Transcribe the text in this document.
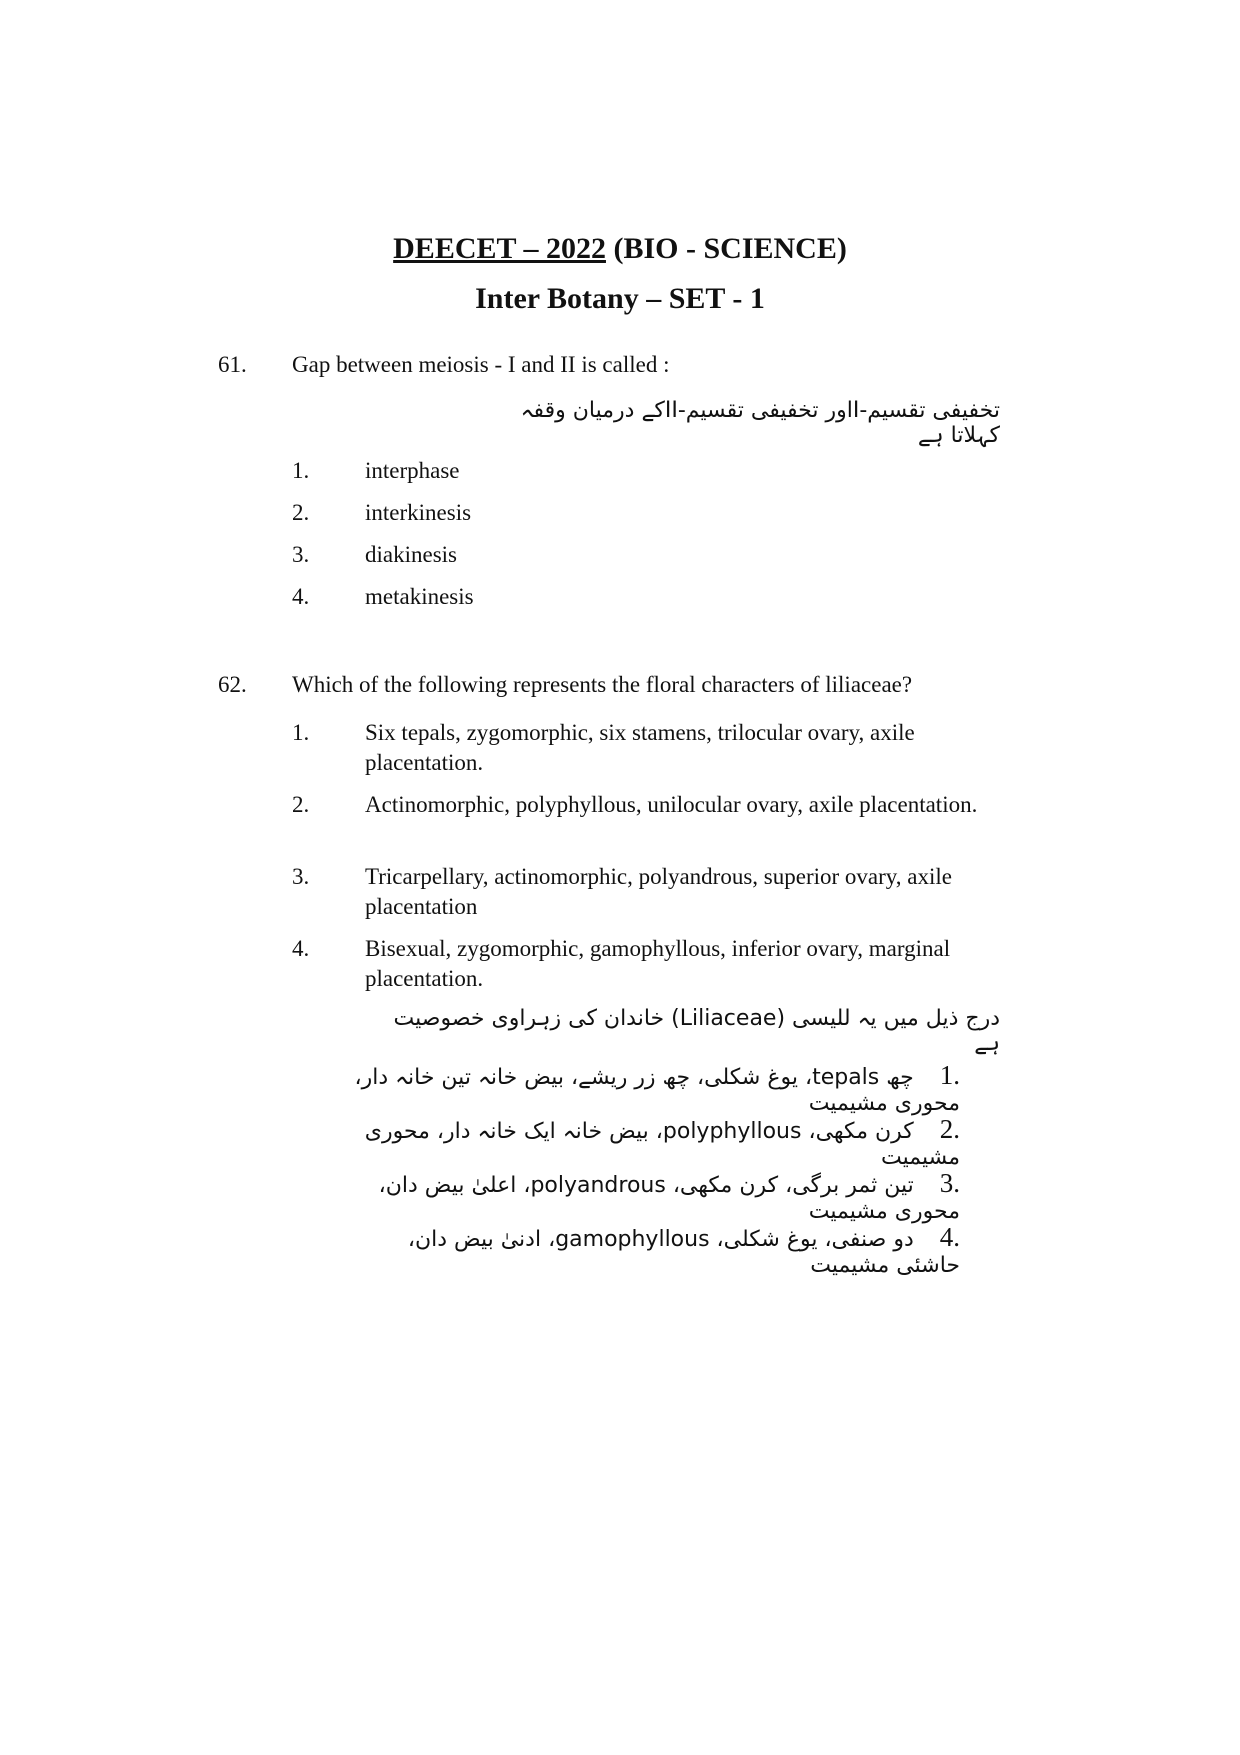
DEECET – 2022 (BIO - SCIENCE)
Inter Botany – SET - 1
61. Gap between meiosis - I and II is called :
تخفیفی تقسیم-Iاور تخفیفی تقسیم-IIکے درمیان وقفہ کہلاتا ہے
1. interphase
2. interkinesis
3. diakinesis
4. metakinesis
62. Which of the following represents the floral characters of liliaceae?
1. Six tepals, zygomorphic, six stamens, trilocular ovary, axile placentation.
2. Actinomorphic, polyphyllous, unilocular ovary, axile placentation.
3. Tricarpellary, actinomorphic, polyandrous, superior ovary, axile placentation
4. Bisexual, zygomorphic, gamophyllous, inferior ovary, marginal placentation.
درج ذیل میں یہ للیسی (Liliaceae) خاندان کی زہراوی خصوصیت ہے
.1چھ tepals، یوغ شکلی، چھ زر ریشے، بیض خانہ تین خانہ دار، محوری مشیمیت
.2کرن مکھی، polyphyllous، بیض خانہ ایک خانہ دار، محوری مشیمیت
.3تین ثمر برگی، کرن مکھی، polyandrous، اعلیٰ بیض دان، محوری مشیمیت
.4دو صنفی، یوغ شکلی، gamophyllous، ادنیٰ بیض دان، حاشئی مشیمیت
